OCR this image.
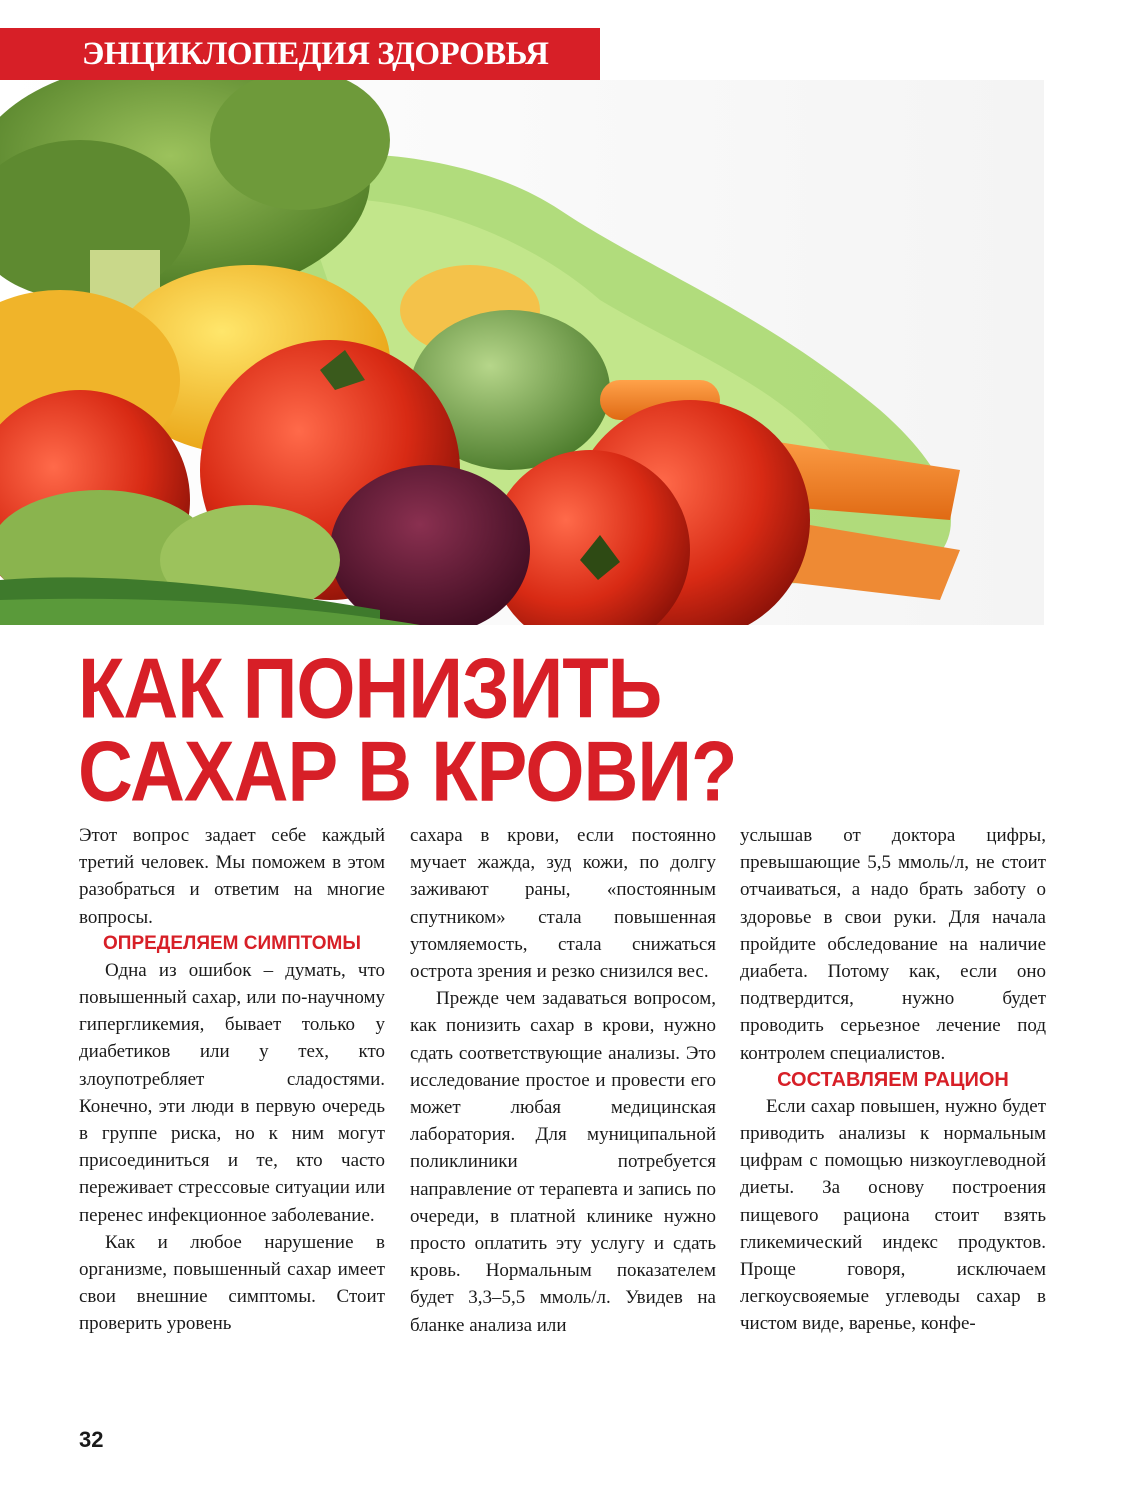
ЭНЦИКЛОПЕДИЯ ЗДОРОВЬЯ
КАК ПОНИЗИТЬ
САХАР В КРОВИ?

Этот вопрос задает себе каждый третий человек. Мы поможем в этом разобраться и ответим на многие вопросы.

ОПРЕДЕЛЯЕМ СИМПТОМЫ

Одна из ошибок – думать, что повышенный сахар, или по-научному гипергликемия, бывает только у диабетиков или у тех, кто злоупотребляет сладостями. Конечно, эти люди в первую очередь в группе риска, но к ним могут присоединиться и те, кто часто переживает стрессовые ситуации или перенес инфекционное заболевание.

Как и любое нарушение в организме, повышенный сахар имеет свои внешние симптомы. Стоит проверить уровень

сахара в крови, если постоянно мучает жажда, зуд кожи, по долгу заживают раны, «постоянным спутником» стала повышенная утомляемость, стала снижаться острота зрения и резко снизился вес.

Прежде чем задаваться вопросом, как понизить сахар в крови, нужно сдать соответствующие анализы. Это исследование простое и провести его может любая медицинская лаборатория. Для муниципальной поликлиники потребуется направление от терапевта и запись по очереди, в платной клинике нужно просто оплатить эту услугу и сдать кровь. Нормальным показателем будет 3,3–5,5 ммоль/л. Увидев на бланке анализа или

услышав от доктора цифры, превышающие 5,5 ммоль/л, не стоит отчаиваться, а надо брать заботу о здоровье в свои руки. Для начала пройдите обследование на наличие диабета. Потому как, если оно подтвердится, нужно будет проводить серьезное лечение под контролем специалистов.

СОСТАВЛЯЕМ РАЦИОН

Если сахар повышен, нужно будет приводить анализы к нормальным цифрам с помощью низкоуглеводной диеты. За основу построения пищевого рациона стоит взять гликемический индекс продуктов. Проще говоря, исключаем легкоусвояемые углеводы сахар в чистом виде, варенье, конфе-

32
